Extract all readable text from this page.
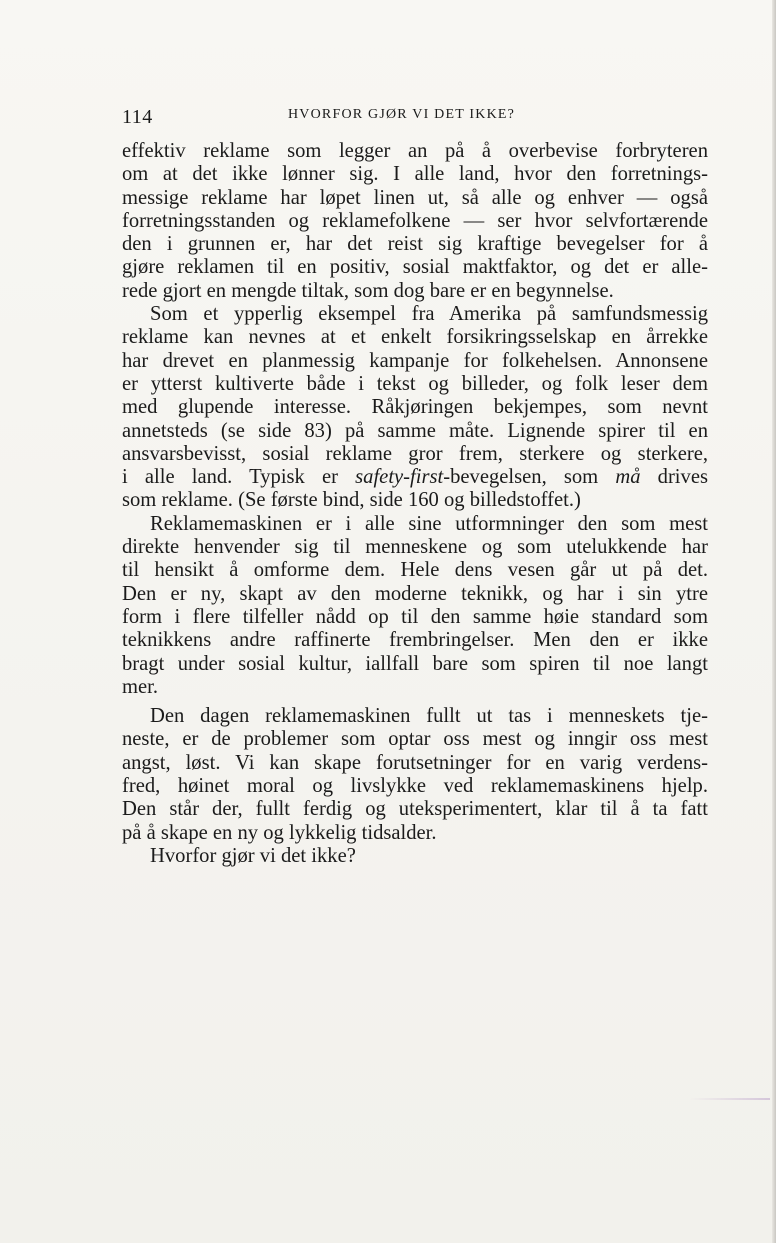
114	HVORFOR GJØR VI DET IKKE?
effektiv reklame som legger an på å overbevise forbryteren
om at det ikke lønner sig. I alle land, hvor den forretnings-
messige reklame har løpet linen ut, så alle og enhver — også
forretningsstanden og reklamefolkene — ser hvor selvfortærende
den i grunnen er, har det reist sig kraftige bevegelser for å
gjøre reklamen til en positiv, sosial maktfaktor, og det er alle-
rede gjort en mengde tiltak, som dog bare er en begynnelse.
Som et ypperlig eksempel fra Amerika på samfundsmessig
reklame kan nevnes at et enkelt forsikringsselskap en årrekke
har drevet en planmessig kampanje for folkehelsen. Annonsene
er ytterst kultiverte både i tekst og billeder, og folk leser dem
med glupende interesse. Råkjøringen bekjempes, som nevnt
annetsteds (se side 83) på samme måte. Lignende spirer til en
ansvarsbevisst, sosial reklame gror frem, sterkere og sterkere,
i alle land. Typisk er safety-first-bevegelsen, som må drives
som reklame. (Se første bind, side 160 og billedstoffet.)
Reklamemaskinen er i alle sine utformninger den som mest
direkte henvender sig til menneskene og som utelukkende har
til hensikt å omforme dem. Hele dens vesen går ut på det.
Den er ny, skapt av den moderne teknikk, og har i sin ytre
form i flere tilfeller nådd op til den samme høie standard som
teknikkens andre raffinerte frembringelser. Men den er ikke
bragt under sosial kultur, iallfall bare som spiren til noe langt
mer.
Den dagen reklamemaskinen fullt ut tas i menneskets tje-
neste, er de problemer som optar oss mest og inngir oss mest
angst, løst. Vi kan skape forutsetninger for en varig verdens-
fred, høinet moral og livslykke ved reklamemaskinens hjelp.
Den står der, fullt ferdig og uteksperimentert, klar til å ta fatt
på å skape en ny og lykkelig tidsalder.
Hvorfor gjør vi det ikke?
